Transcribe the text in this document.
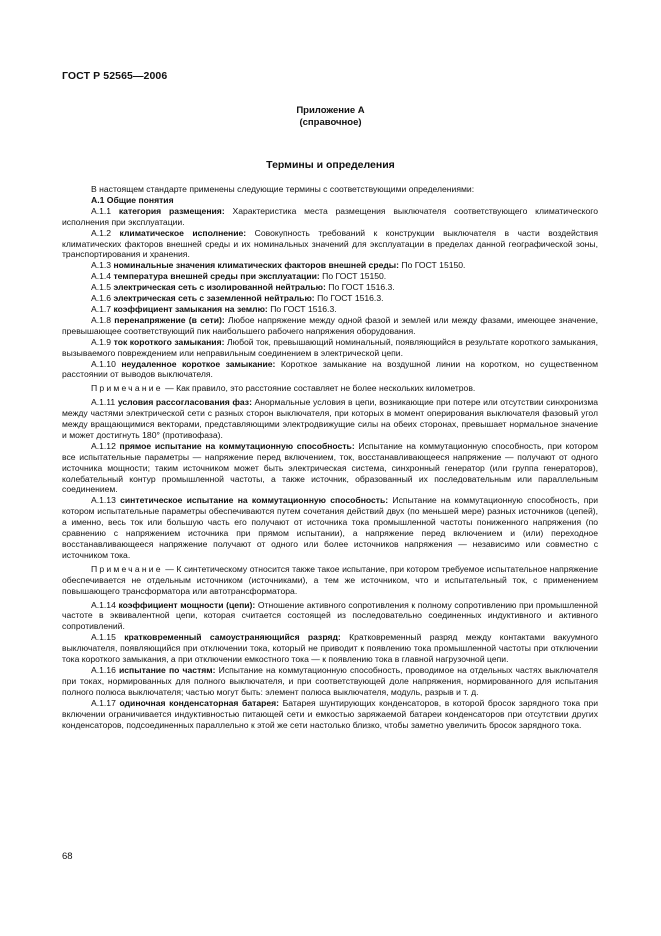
ГОСТ Р 52565—2006
Приложение А
(справочное)
Термины и определения

В настоящем стандарте применены следующие термины с соответствующими определениями:

А.1 Общие понятия

А.1.1 категория размещения: Характеристика места размещения выключателя соответствующего климатического исполнения при эксплуатации.

А.1.2 климатическое исполнение: Совокупность требований к конструкции выключателя в части воздействия климатических факторов внешней среды и их номинальных значений для эксплуатации в пределах данной географической зоны, транспортирования и хранения.

А.1.3 номинальные значения климатических факторов внешней среды: По ГОСТ 15150.

А.1.4 температура внешней среды при эксплуатации: По ГОСТ 15150.

А.1.5 электрическая сеть с изолированной нейтралью: По ГОСТ 1516.3.

А.1.6 электрическая сеть с заземленной нейтралью: По ГОСТ 1516.3.

А.1.7 коэффициент замыкания на землю: По ГОСТ 1516.3.

А.1.8 перенапряжение (в сети): Любое напряжение между одной фазой и землей или между фазами, имеющее значение, превышающее соответствующий пик наибольшего рабочего напряжения оборудования.

А.1.9 ток короткого замыкания: Любой ток, превышающий номинальный, появляющийся в результате короткого замыкания, вызываемого повреждением или неправильным соединением в электрической цепи.

А.1.10 неудаленное короткое замыкание: Короткое замыкание на воздушной линии на коротком, но существенном расстоянии от выводов выключателя.

Примечание — Как правило, это расстояние составляет не более нескольких километров.

А.1.11 условия рассогласования фаз: Анормальные условия в цепи, возникающие при потере или отсутствии синхронизма между частями электрической сети с разных сторон выключателя, при которых в момент оперирования выключателя фазовый угол между вращающимися векторами, представляющими электродвижущие силы на обеих сторонах, превышает нормальное значение и может достигнуть 180° (противофаза).

А.1.12 прямое испытание на коммутационную способность: Испытание на коммутационную способность, при котором все испытательные параметры — напряжение перед включением, ток, восстанавливающееся напряжение — получают от одного источника мощности; таким источником может быть электрическая система, синхронный генератор (или группа генераторов), колебательный контур промышленной частоты, а также источник, образованный их последовательным или параллельным соединением.

А.1.13 синтетическое испытание на коммутационную способность: Испытание на коммутационную способность, при котором испытательные параметры обеспечиваются путем сочетания действий двух (по меньшей мере) разных источников (цепей), а именно, весь ток или большую часть его получают от источника тока промышленной частоты пониженного напряжения (по сравнению с напряжением источника при прямом испытании), а напряжение перед включением и (или) переходное восстанавливающееся напряжение получают от одного или более источников напряжения — независимо или совместно с источником тока.

Примечание — К синтетическому относится также такое испытание, при котором требуемое испытательное напряжение обеспечивается не отдельным источником (источниками), а тем же источником, что и испытательный ток, с применением повышающего трансформатора или автотрансформатора.

А.1.14 коэффициент мощности (цепи): Отношение активного сопротивления к полному сопротивлению при промышленной частоте в эквивалентной цепи, которая считается состоящей из последовательно соединенных индуктивного и активного сопротивлений.

А.1.15 кратковременный самоустраняющийся разряд: Кратковременный разряд между контактами вакуумного выключателя, появляющийся при отключении тока, который не приводит к появлению тока промышленной частоты при отключении тока короткого замыкания, а при отключении емкостного тока — к появлению тока в главной нагрузочной цепи.

А.1.16 испытание по частям: Испытание на коммутационную способность, проводимое на отдельных частях выключателя при токах, нормированных для полного выключателя, и при соответствующей доле напряжения, нормированного для испытания полного полюса выключателя; частью могут быть: элемент полюса выключателя, модуль, разрыв и т. д.

А.1.17 одиночная конденсаторная батарея: Батарея шунтирующих конденсаторов, в которой бросок зарядного тока при включении ограничивается индуктивностью питающей сети и емкостью заряжаемой батареи конденсаторов при отсутствии других конденсаторов, подсоединенных параллельно к этой же сети настолько близко, чтобы заметно увеличить бросок зарядного тока.

68
